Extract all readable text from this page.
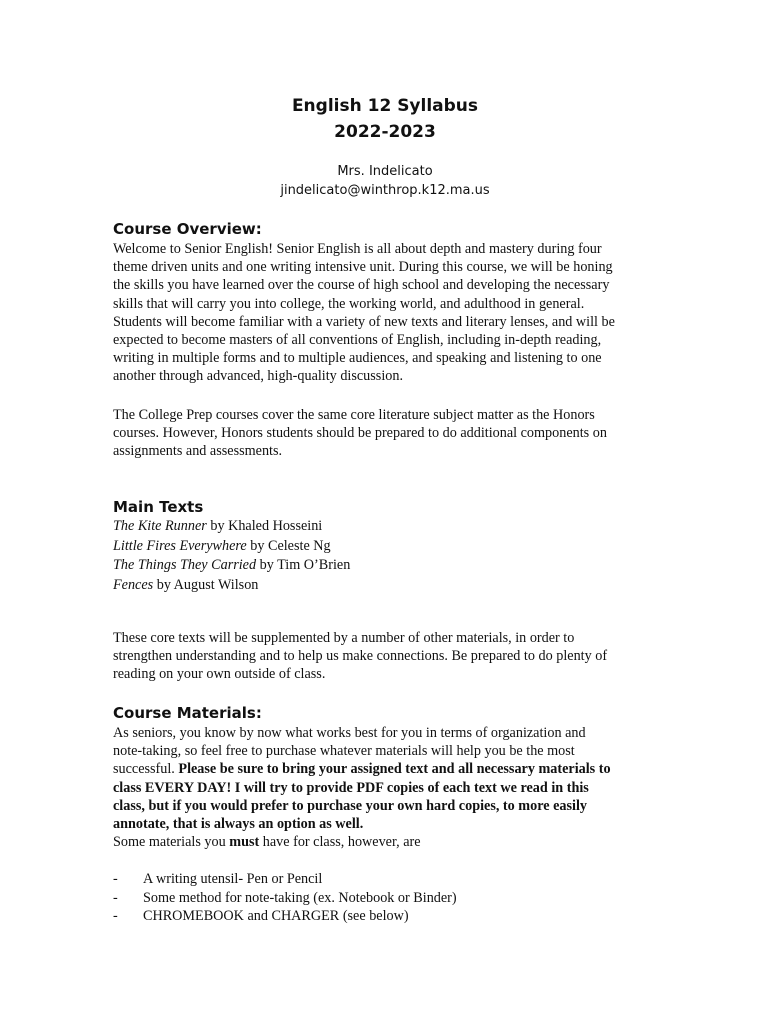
English 12 Syllabus
2022-2023
Mrs. Indelicato
jindelicato@winthrop.k12.ma.us
Course Overview:
Welcome to Senior English! Senior English is all about depth and mastery during four
theme driven units and one writing intensive unit. During this course, we will be honing
the skills you have learned over the course of high school and developing the necessary
skills that will carry you into college, the working world, and adulthood in general.
Students will become familiar with a variety of new texts and literary lenses, and will be
expected to become masters of all conventions of English, including in-depth reading,
writing in multiple forms and to multiple audiences, and speaking and listening to one
another through advanced, high-quality discussion.
The College Prep courses cover the same core literature subject matter as the Honors
courses. However, Honors students should be prepared to do additional components on
assignments and assessments.
Main Texts
The Kite Runner by Khaled Hosseini
Little Fires Everywhere by Celeste Ng
The Things They Carried by Tim O’Brien
Fences by August Wilson
These core texts will be supplemented by a number of other materials, in order to
strengthen understanding and to help us make connections. Be prepared to do plenty of
reading on your own outside of class.
Course Materials:
As seniors, you know by now what works best for you in terms of organization and
note-taking, so feel free to purchase whatever materials will help you be the most
successful. Please be sure to bring your assigned text and all necessary materials to
class EVERY DAY! I will try to provide PDF copies of each text we read in this
class, but if you would prefer to purchase your own hard copies, to more easily
annotate, that is always an option as well.
Some materials you must have for class, however, are
- A writing utensil- Pen or Pencil
- Some method for note-taking (ex. Notebook or Binder)
- CHROMEBOOK and CHARGER (see below)
